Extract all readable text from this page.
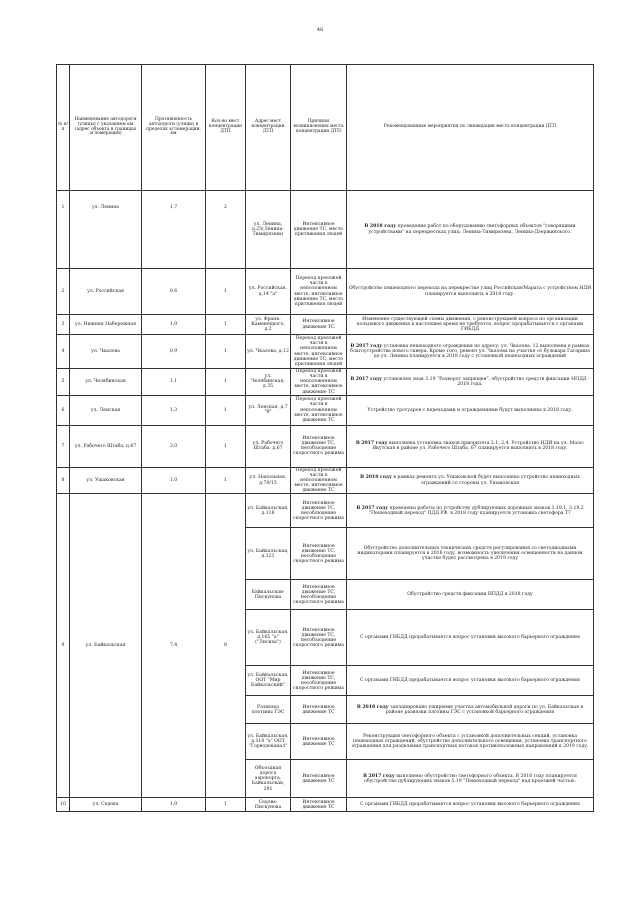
48
№ п/п	Наименование автодороги (улицы) с указанием км (адрес объекта в границах агломерации)	Протяженность автодороги (улицы) в пределах агломерации, км	Кол-во мест концентрации ДТП	Адрес мест концентрации ДТП	Причины возникновения места концентрации ДТП	Рекомендованные мероприятия по ликвидации места концентрации ДТП
1	ул. Ленина	1,7	2	ул. Ленина, д.25(Ленина-Тимирязева)	Интенсивное движение ТС, место притяжения людей	В 2018 году проведение работ по оборудованию светофорных объектов "говорящими устройствами" на перекрестках улиц: Ленина-Тимирязева, Ленина-Дзержинского.
2	ул. Российская	0,6	1	ул. Российская, д.14 "а"	Переход проезжей части в неположенном месте, интенсивное движение ТС, место притяжения людей	Обустройство пешеходного перехода на перекрестке улиц Российская/Марата с устройством НДИ планируется выполнить в 2018 году.
3	ул. Нижняя Набережная	1,0	1	ул. Франк-Каменецкого, д.2	Интенсивное движение ТС	Изменение существующей схемы движения, с реконструкцией вопроса по организации кольцевого движения в настоящее время не требуется, вопрос прорабатывается с органами ГИБДД
4	ул. Чкалова	0,9	1	ул. Чкалова, д.12	Переход проезжей части в неположенном месте, интенсивное движение ТС, место притяжения людей	В 2017 году установка пешеходного ограждения по адресу: ул. Чкалова, 12 выполнена в рамках благоустройства нового сквера. Кроме того, ремонт ул. Чкалова на участке от бульвара Гагарина до ул. Ленина планируется в 2018 году с установкой пешеходных ограждений
5	ул. Челябинская	1,1	1	ул. Челябинская, д.35	Переход проезжей части в неположенном месте, интенсивное движение ТС	В 2017 году установлен знак 3.19 "Разворот запрещен", обустройство средств фиксации НПДД - 2018 года.
6	ул. Ленская	1,3	1	ул. Ленская, д.7 "б"	Переход проезжей части в неположенном месте, интенсивное движение ТС	Устройство тротуаров с переходами и ограждениями будут выполнены в 2018 году.
7	ул. Рабочего Штаба, д.67	3,0	1	ул. Рабочего Штаба, д.67	Интенсивное движение ТС, несоблюдение скоростного режима	В 2017 году выполнена установка знаков приоритета 2.1, 2.4. Устройство НДИ на ул. Мало-Якутская в районе ул. Рабочего Штаба, 67 планируется выполнить в 2018 году.
8	ул. Ушаковская	1,0	1	ул. Напольная, д.70/15	Переход проезжей части в неположенном месте, интенсивное движение ТС	В 2018 году в рамках ремонта ул. Ушаковской будет выполнено устройство пешеходных ограждений со стороны ул. Ушаковская
9	ул. Байкальская	7,4	8	ул. Байкальская, д.118	Интенсивное движение ТС, несоблюдение скоростного режима	В 2017 году проведены работы по устройству дублирующих дорожных знаков 3.19.1, 3.19.2 "Пешеходный переход" ПДД РФ, в 2018 году планируется установка светофора Т7
				ул. Байкальская, д.121	Интенсивное движение ТС, несоблюдение скоростного режима	Обустройство дополнительных технических средств регулирования со светодиодными индикаторами планируется в 2018 году, возможность увеличения освещенности на данном участке будет рассмотрена в 2019 году
				Байкальская-Пискунова	Интенсивное движение ТС, несоблюдение скоростного режима	Обустройство средств фиксации НПДД в 2018 году
				ул. Байкальская, д.165 "а" ("Лисиха")	Интенсивное движение ТС, несоблюдение скоростного режима	С органами ГИБДД прорабатывается вопрос установки высокого барьерного ограждения
				ул. Байкальская, ООТ "Мир Байкальский"	Интенсивное движение ТС, несоблюдение скоростного режима	С органами ГИБДД прорабатывается вопрос установки высокого барьерного ограждения
				Развязка плотины ГЭС	Интенсивное движение ТС	В 2018 году запланировано уширение участка автомобильной дороги по ул. Байкальская в районе развязки плотины ГЭС с установкой барьерного ограждения
				ул. Байкальская, д.310 "а" ООТ "Горводоканал"	Интенсивное движение ТС	Реконструкция светофорного объекта с установкой дополнительных секций, установка пешеходных ограждений, обустройство дополнительного освещения, установка транспортного ограждения для разделения транспортных потоков противоположных направлений в 2019 году.
				Объездная дорога аэропорта, Байкальская, 291	Интенсивное движение ТС	В 2017 году выполнено обустройство светофорного объекта. В 2018 году планируется обустройство дублирующих знаков 5.19 "Пешеходный переход" над проезжей частью.
10	ул. Седова	1,0	1	Седова-Пискунова	Интенсивное движение ТС	С органами ГИБДД прорабатывается вопрос установки высокого барьерного ограждения
